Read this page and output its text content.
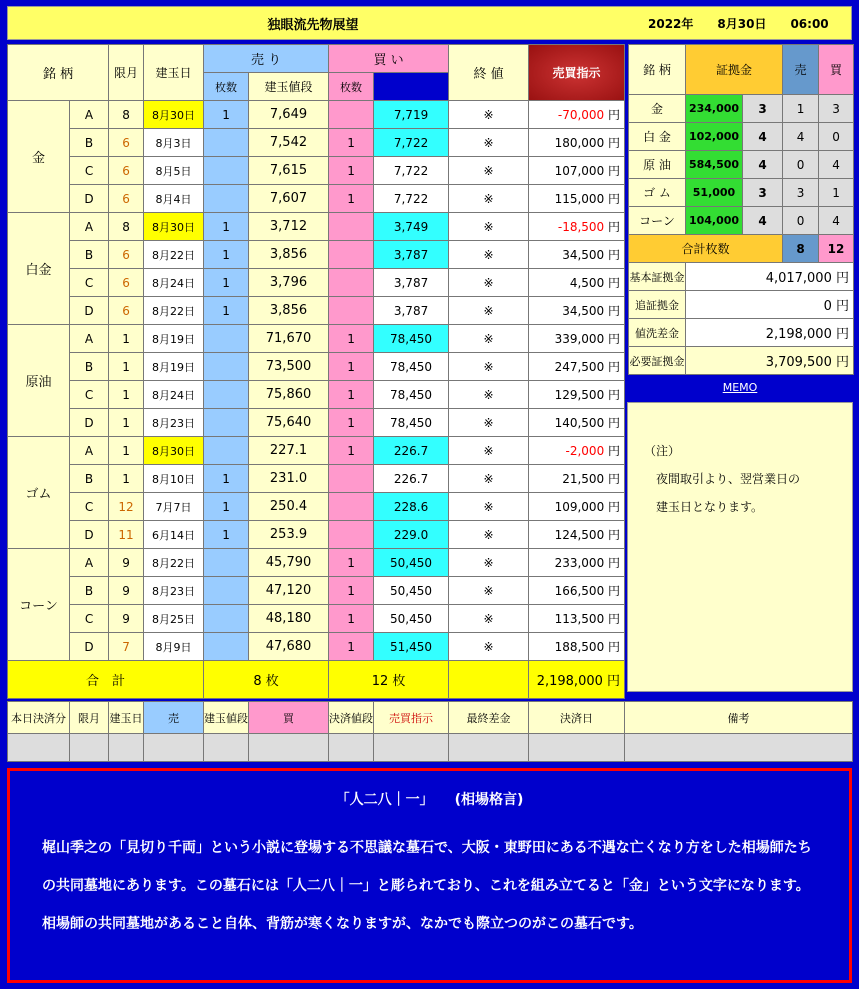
独眼流先物展望	2022年　　8月30日　　06:00
銘 柄		限月	建玉日	売 り		買 い		終 値	売買指示	
				枚数	建玉値段	枚数				
金	A	8	8月30日	1	7,649		7,719	※	-70,000 円	
	B	6	8月3日		7,542	1	7,722	※	180,000 円	
	C	6	8月5日		7,615	1	7,722	※	107,000 円	
	D	6	8月4日		7,607	1	7,722	※	115,000 円	
白金	A	8	8月30日	1	3,712		3,749	※	-18,500 円	
	B	6	8月22日	1	3,856		3,787	※	34,500 円	
	C	6	8月24日	1	3,796		3,787	※	4,500 円	
	D	6	8月22日	1	3,856		3,787	※	34,500 円	
原油	A	1	8月19日		71,670	1	78,450	※	339,000 円	
	B	1	8月19日		73,500	1	78,450	※	247,500 円	
	C	1	8月24日		75,860	1	78,450	※	129,500 円	
	D	1	8月23日		75,640	1	78,450	※	140,500 円	
ゴム	A	1	8月30日		227.1	1	226.7	※	-2,000 円	
	B	1	8月10日	1	231.0		226.7	※	21,500 円	
	C	12	7月7日	1	250.4		228.6	※	109,000 円	
	D	11	6月14日	1	253.9		229.0	※	124,500 円	
コーン	A	9	8月22日		45,790	1	50,450	※	233,000 円	
	B	9	8月23日		47,120	1	50,450	※	166,500 円	
	C	9	8月25日		48,180	1	50,450	※	113,500 円	
	D	7	8月9日		47,680	1	51,450	※	188,500 円	
合　計				8 枚		12 枚			2,198,000 円	
銘 柄	証拠金		売	買
金	234,000	3	1	3
白 金	102,000	4	4	0
原 油	584,500	4	0	4
ゴ ム	51,000	3	3	1
コーン	104,000	4	0	4
合計枚数			8	12
基本証拠金	4,017,000 円			
追証拠金	0 円			
値洗差金	2,198,000 円			
必要証拠金	3,709,500 円			
MEMO
（注）
　夜間取引より、翌営業日の
　建玉日となります。
本日決済分	限月	建玉日	売	建玉値段	買	決済値段	売買指示	最終差金	決済日	備考

「人二八｜一」　　(相場格言)
梶山季之の「見切り千両」という小説に登場する不思議な墓石で、大阪・東野田にある不遇な亡くなり方をした相場師たちの共同墓地にあります。この墓石には「人二八｜一」と彫られており、これを組み立てると「金」という文字になります。相場師の共同墓地があること自体、背筋が寒くなりますが、なかでも際立つのがこの墓石です。
